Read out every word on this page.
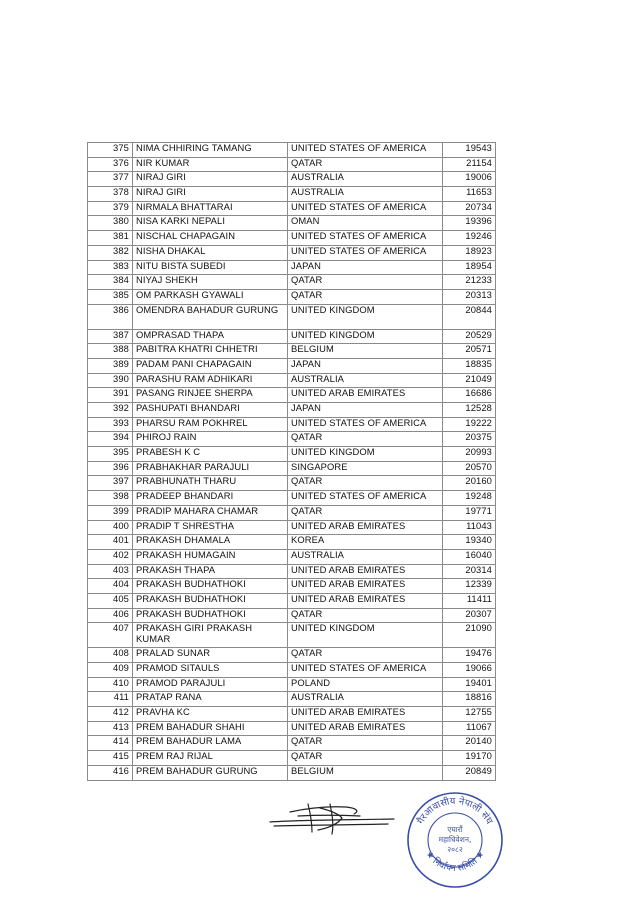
375	NIMA CHHIRING TAMANG	UNITED STATES OF AMERICA	19543
376	NIR KUMAR	QATAR	21154
377	NIRAJ GIRI	AUSTRALIA	19006
378	NIRAJ GIRI	AUSTRALIA	11653
379	NIRMALA BHATTARAI	UNITED STATES OF AMERICA	20734
380	NISA KARKI NEPALI	OMAN	19396
381	NISCHAL CHAPAGAIN	UNITED STATES OF AMERICA	19246
382	NISHA DHAKAL	UNITED STATES OF AMERICA	18923
383	NITU BISTA SUBEDI	JAPAN	18954
384	NIYAJ SHEKH	QATAR	21233
385	OM PARKASH GYAWALI	QATAR	20313
386	OMENDRA BAHADUR GURUNG	UNITED KINGDOM	20844
387	OMPRASAD THAPA	UNITED KINGDOM	20529
388	PABITRA KHATRI CHHETRI	BELGIUM	20571
389	PADAM PANI CHAPAGAIN	JAPAN	18835
390	PARASHU RAM ADHIKARI	AUSTRALIA	21049
391	PASANG RINJEE SHERPA	UNITED ARAB EMIRATES	16686
392	PASHUPATI BHANDARI	JAPAN	12528
393	PHARSU RAM POKHREL	UNITED STATES OF AMERICA	19222
394	PHIROJ RAIN	QATAR	20375
395	PRABESH K C	UNITED KINGDOM	20993
396	PRABHAKHAR PARAJULI	SINGAPORE	20570
397	PRABHUNATH THARU	QATAR	20160
398	PRADEEP BHANDARI	UNITED STATES OF AMERICA	19248
399	PRADIP MAHARA CHAMAR	QATAR	19771
400	PRADIP T SHRESTHA	UNITED ARAB EMIRATES	11043
401	PRAKASH DHAMALA	KOREA	19340
402	PRAKASH HUMAGAIN	AUSTRALIA	16040
403	PRAKASH THAPA	UNITED ARAB EMIRATES	20314
404	PRAKASH BUDHATHOKI	UNITED ARAB EMIRATES	12339
405	PRAKASH BUDHATHOKI	UNITED ARAB EMIRATES	11411
406	PRAKASH BUDHATHOKI	QATAR	20307
407	PRAKASH GIRI PRAKASH KUMAR	UNITED KINGDOM	21090
408	PRALAD SUNAR	QATAR	19476
409	PRAMOD SITAULS	UNITED STATES OF AMERICA	19066
410	PRAMOD PARAJULI	POLAND	19401
411	PRATAP RANA	AUSTRALIA	18816
412	PRAVHA KC	UNITED ARAB EMIRATES	12755
413	PREM BAHADUR SHAHI	UNITED ARAB EMIRATES	11067
414	PREM BAHADUR LAMA	QATAR	20140
415	PREM RAJ RIJAL	QATAR	19170
416	PREM BAHADUR GURUNG	BELGIUM	20849
गैरआवासीय नेपाली संघ
★ निर्वाचन समिति ★
एघारौं
महाधिवेशन,
२०८२
